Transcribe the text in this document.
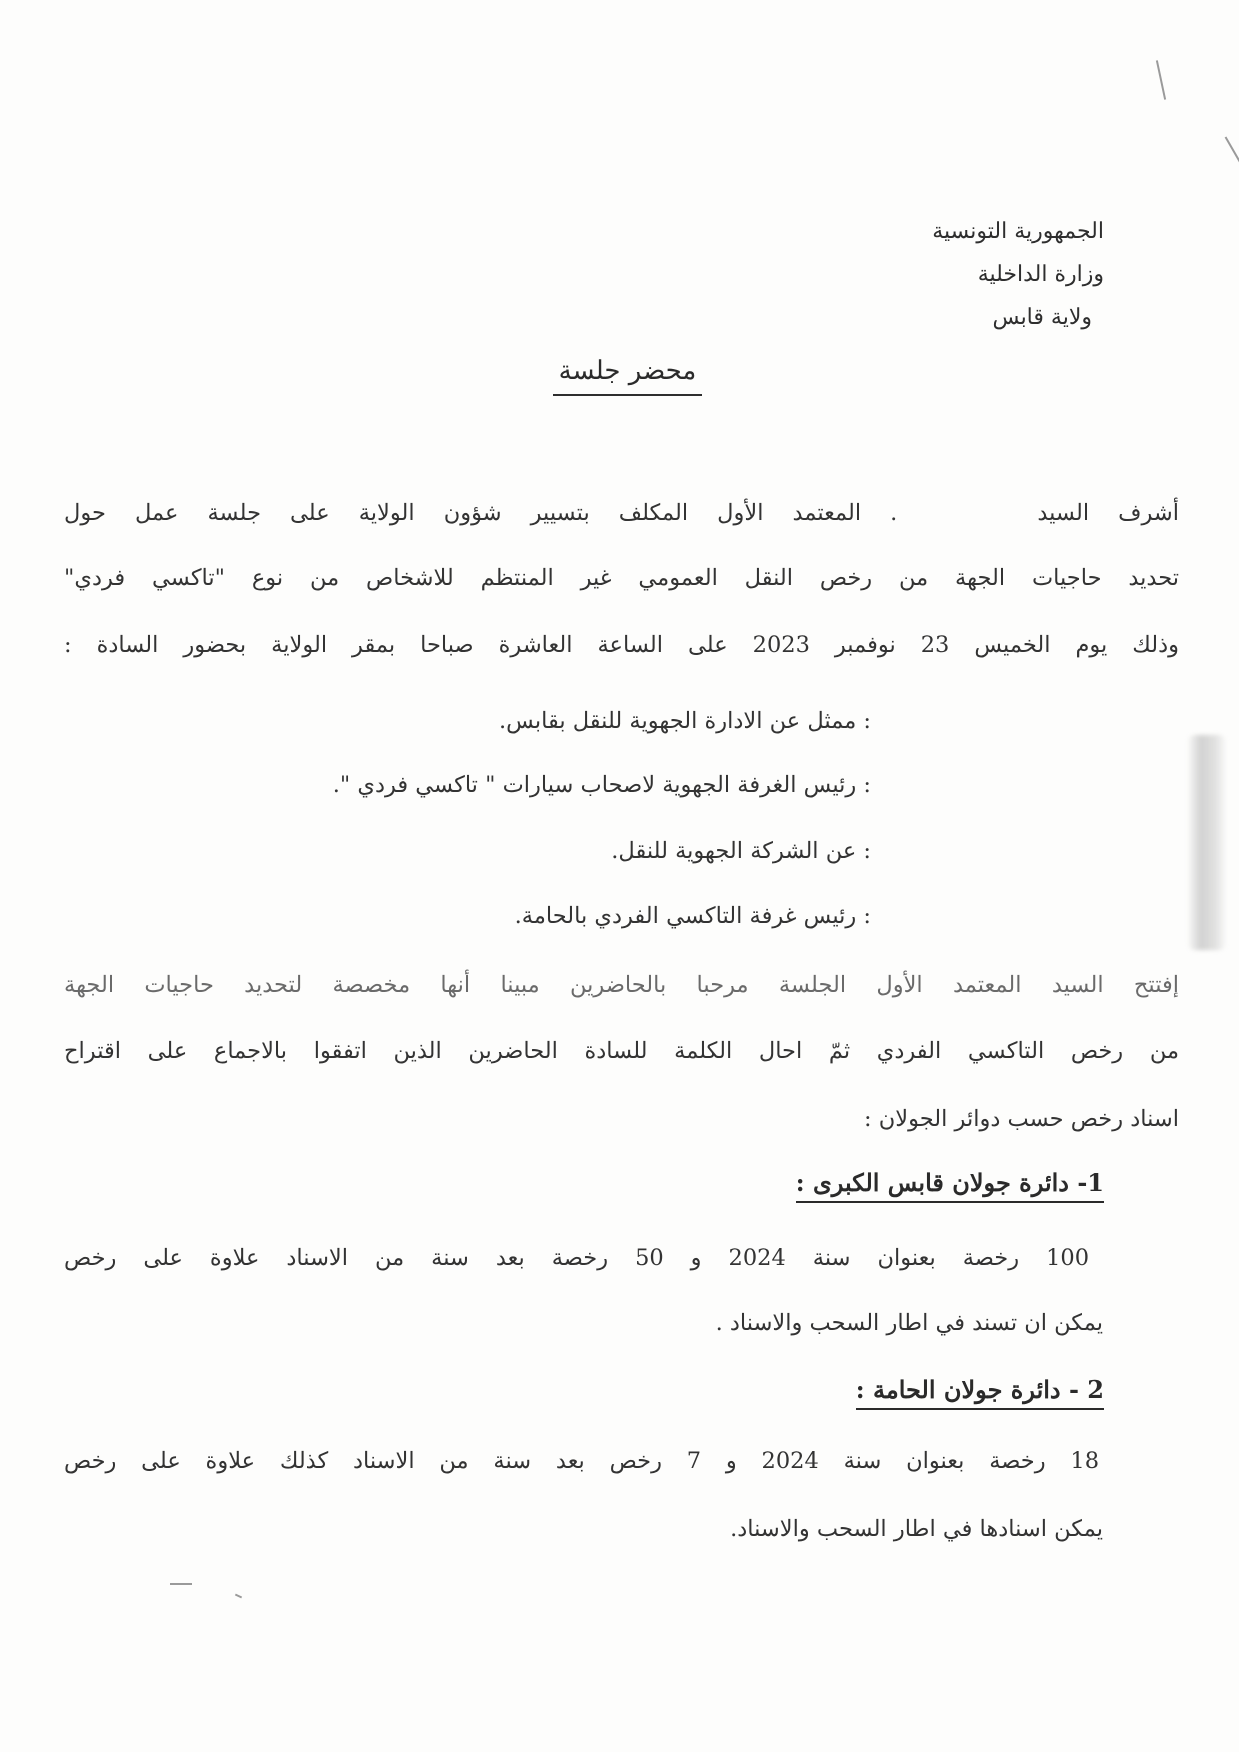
الجمهورية التونسية
وزارة الداخلية
ولاية قابس
محضر جلسة
أشرف السيد. المعتمد الأول المكلف بتسيير شؤون الولاية على جلسة عمل حول
تحديد حاجيات الجهة من رخص النقل العمومي غير المنتظم للاشخاص من نوع "تاكسي فردي"
وذلك يوم الخميس 23 نوفمبر 2023 على الساعة العاشرة صباحا بمقر الولاية بحضور السادة :
: ممثل عن الادارة الجهوية للنقل بقابس.
: رئيس الغرفة الجهوية لاصحاب سيارات " تاكسي فردي ".
: عن الشركة الجهوية للنقل.
: رئيس غرفة التاكسي الفردي بالحامة.
إفتتح السيد المعتمد الأول الجلسة مرحبا بالحاضرين مبينا أنها مخصصة لتحديد حاجيات الجهة
من رخص التاكسي الفردي ثمّ احال الكلمة للسادة الحاضرين الذين اتفقوا بالاجماع على اقتراح
اسناد رخص حسب دوائر الجولان :
1- دائرة جولان قابس الكبرى :
100 رخصة بعنوان سنة 2024 و 50 رخصة بعد سنة من الاسناد علاوة على رخص
يمكن ان تسند في اطار السحب والاسناد .
2 - دائرة جولان الحامة :
18 رخصة بعنوان سنة 2024 و 7 رخص بعد سنة من الاسناد كذلك علاوة على رخص
يمكن اسنادها في اطار السحب والاسناد.
